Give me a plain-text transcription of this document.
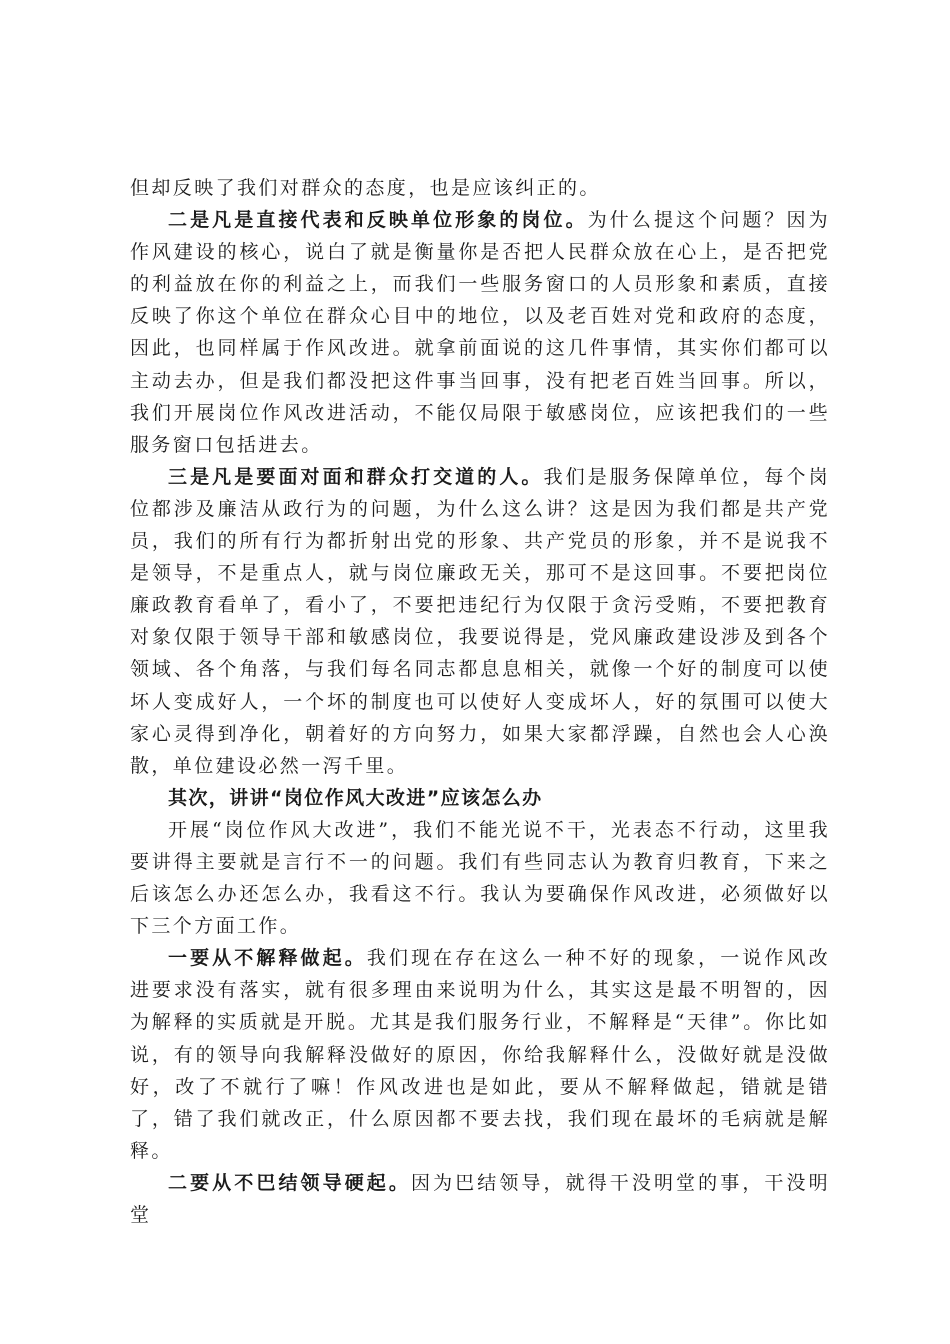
但却反映了我们对群众的态度，也是应该纠正的。

二是凡是直接代表和反映单位形象的岗位。为什么提这个问题？因为作风建设的核心，说白了就是衡量你是否把人民群众放在心上，是否把党的利益放在你的利益之上，而我们一些服务窗口的人员形象和素质，直接反映了你这个单位在群众心目中的地位，以及老百姓对党和政府的态度，因此，也同样属于作风改进。就拿前面说的这几件事情，其实你们都可以主动去办，但是我们都没把这件事当回事，没有把老百姓当回事。所以，我们开展岗位作风改进活动，不能仅局限于敏感岗位，应该把我们的一些服务窗口包括进去。

三是凡是要面对面和群众打交道的人。我们是服务保障单位，每个岗位都涉及廉洁从政行为的问题，为什么这么讲？这是因为我们都是共产党员，我们的所有行为都折射出党的形象、共产党员的形象，并不是说我不是领导，不是重点人，就与岗位廉政无关，那可不是这回事。不要把岗位廉政教育看单了，看小了，不要把违纪行为仅限于贪污受贿，不要把教育对象仅限于领导干部和敏感岗位，我要说得是，党风廉政建设涉及到各个领域、各个角落，与我们每名同志都息息相关，就像一个好的制度可以使坏人变成好人，一个坏的制度也可以使好人变成坏人，好的氛围可以使大家心灵得到净化，朝着好的方向努力，如果大家都浮躁，自然也会人心涣散，单位建设必然一泻千里。

其次，讲讲“岗位作风大改进”应该怎么办

开展“岗位作风大改进”，我们不能光说不干，光表态不行动，这里我要讲得主要就是言行不一的问题。我们有些同志认为教育归教育，下来之后该怎么办还怎么办，我看这不行。我认为要确保作风改进，必须做好以下三个方面工作。

一要从不解释做起。我们现在存在这么一种不好的现象，一说作风改进要求没有落实，就有很多理由来说明为什么，其实这是最不明智的，因为解释的实质就是开脱。尤其是我们服务行业，不解释是“天律”。你比如说，有的领导向我解释没做好的原因，你给我解释什么，没做好就是没做好，改了不就行了嘛！作风改进也是如此，要从不解释做起，错就是错了，错了我们就改正，什么原因都不要去找，我们现在最坏的毛病就是解释。

二要从不巴结领导硬起。因为巴结领导，就得干没明堂的事，干没明堂
